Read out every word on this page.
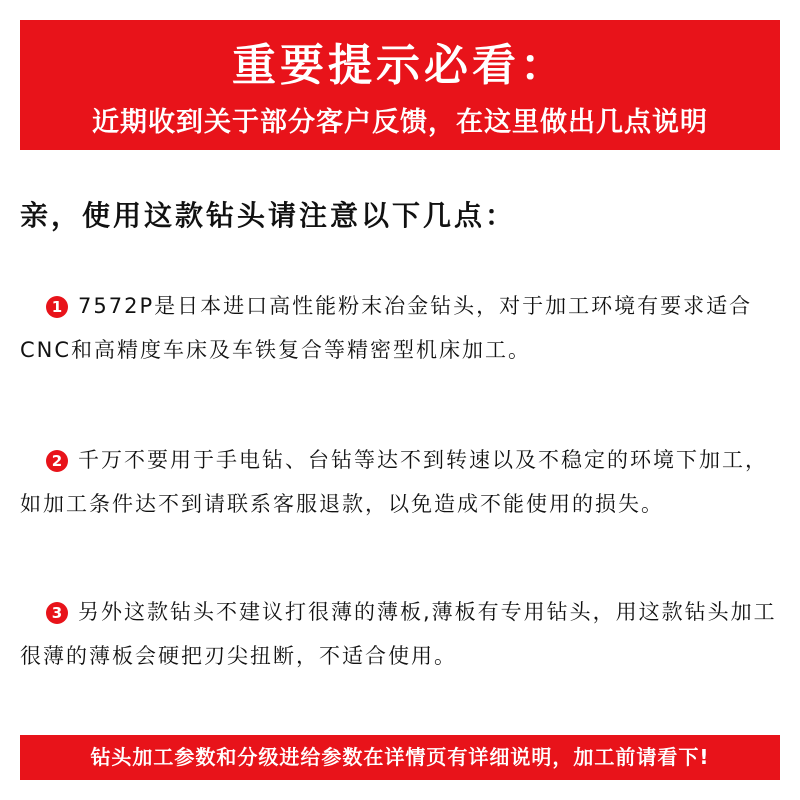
重要提示必看：
近期收到关于部分客户反馈，在这里做出几点说明
亲，使用这款钻头请注意以下几点：
1 7572P是日本进口高性能粉末冶金钻头，对于加工环境有要求适合CNC和高精度车床及车铁复合等精密型机床加工。
2 千万不要用于手电钻、台钻等达不到转速以及不稳定的环境下加工，如加工条件达不到请联系客服退款，以免造成不能使用的损失。
3 另外这款钻头不建议打很薄的薄板,薄板有专用钻头，用这款钻头加工很薄的薄板会硬把刃尖扭断，不适合使用。
钻头加工参数和分级进给参数在详情页有详细说明，加工前请看下!
